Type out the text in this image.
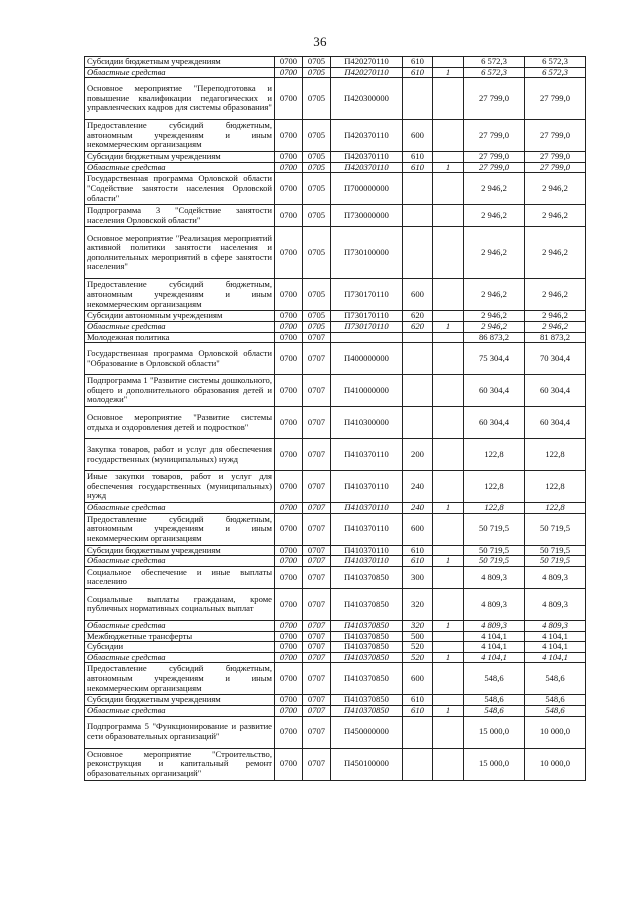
36
Субсидии бюджетным учреждениям	0700	0705	П420270110	610		6 572,3	6 572,3
Областные средства	0700	0705	П420270110	610	1	6 572,3	6 572,3
Основное мероприятие "Переподготовка и повышение квалификации педагогических и управленческих кадров для системы образования"	0700	0705	П420300000			27 799,0	27 799,0
Предоставление субсидий бюджетным, автономным учреждениям и иным некоммерческим организациям	0700	0705	П420370110	600		27 799,0	27 799,0
Субсидии бюджетным учреждениям	0700	0705	П420370110	610		27 799,0	27 799,0
Областные средства	0700	0705	П420370110	610	1	27 799,0	27 799,0
Государственная программа Орловской области "Содействие занятости населения Орловской области"	0700	0705	П700000000			2 946,2	2 946,2
Подпрограмма 3 "Содействие занятости населения Орловской области"	0700	0705	П730000000			2 946,2	2 946,2
Основное мероприятие "Реализация мероприятий активной политики занятости населения и дополнительных мероприятий в сфере занятости населения"	0700	0705	П730100000			2 946,2	2 946,2
Предоставление субсидий бюджетным, автономным учреждениям и иным некоммерческим организациям	0700	0705	П730170110	600		2 946,2	2 946,2
Субсидии автономным учреждениям	0700	0705	П730170110	620		2 946,2	2 946,2
Областные средства	0700	0705	П730170110	620	1	2 946,2	2 946,2
Молодежная политика	0700	0707				86 873,2	81 873,2
Государственная программа Орловской области "Образование в Орловской области"	0700	0707	П400000000			75 304,4	70 304,4
Подпрограмма 1 "Развитие системы дошкольного, общего и дополнительного образования детей и молодежи"	0700	0707	П410000000			60 304,4	60 304,4
Основное мероприятие "Развитие системы отдыха и оздоровления детей и подростков"	0700	0707	П410300000			60 304,4	60 304,4
Закупка товаров, работ и услуг для обеспечения государственных (муниципальных) нужд	0700	0707	П410370110	200		122,8	122,8
Иные закупки товаров, работ и услуг для обеспечения государственных (муниципальных) нужд	0700	0707	П410370110	240		122,8	122,8
Областные средства	0700	0707	П410370110	240	1	122,8	122,8
Предоставление субсидий бюджетным, автономным учреждениям и иным некоммерческим организациям	0700	0707	П410370110	600		50 719,5	50 719,5
Субсидии бюджетным учреждениям	0700	0707	П410370110	610		50 719,5	50 719,5
Областные средства	0700	0707	П410370110	610	1	50 719,5	50 719,5
Социальное обеспечение и иные выплаты населению	0700	0707	П410370850	300		4 809,3	4 809,3
Социальные выплаты гражданам, кроме публичных нормативных социальных выплат	0700	0707	П410370850	320		4 809,3	4 809,3
Областные средства	0700	0707	П410370850	320	1	4 809,3	4 809,3
Межбюджетные трансферты	0700	0707	П410370850	500		4 104,1	4 104,1
Субсидии	0700	0707	П410370850	520		4 104,1	4 104,1
Областные средства	0700	0707	П410370850	520	1	4 104,1	4 104,1
Предоставление субсидий бюджетным, автономным учреждениям и иным некоммерческим организациям	0700	0707	П410370850	600		548,6	548,6
Субсидии бюджетным учреждениям	0700	0707	П410370850	610		548,6	548,6
Областные средства	0700	0707	П410370850	610	1	548,6	548,6
Подпрограмма 5 "Функционирование и развитие сети образовательных организаций"	0700	0707	П450000000			15 000,0	10 000,0
Основное мероприятие "Строительство, реконструкция и капитальный ремонт образовательных организаций"	0700	0707	П450100000			15 000,0	10 000,0
